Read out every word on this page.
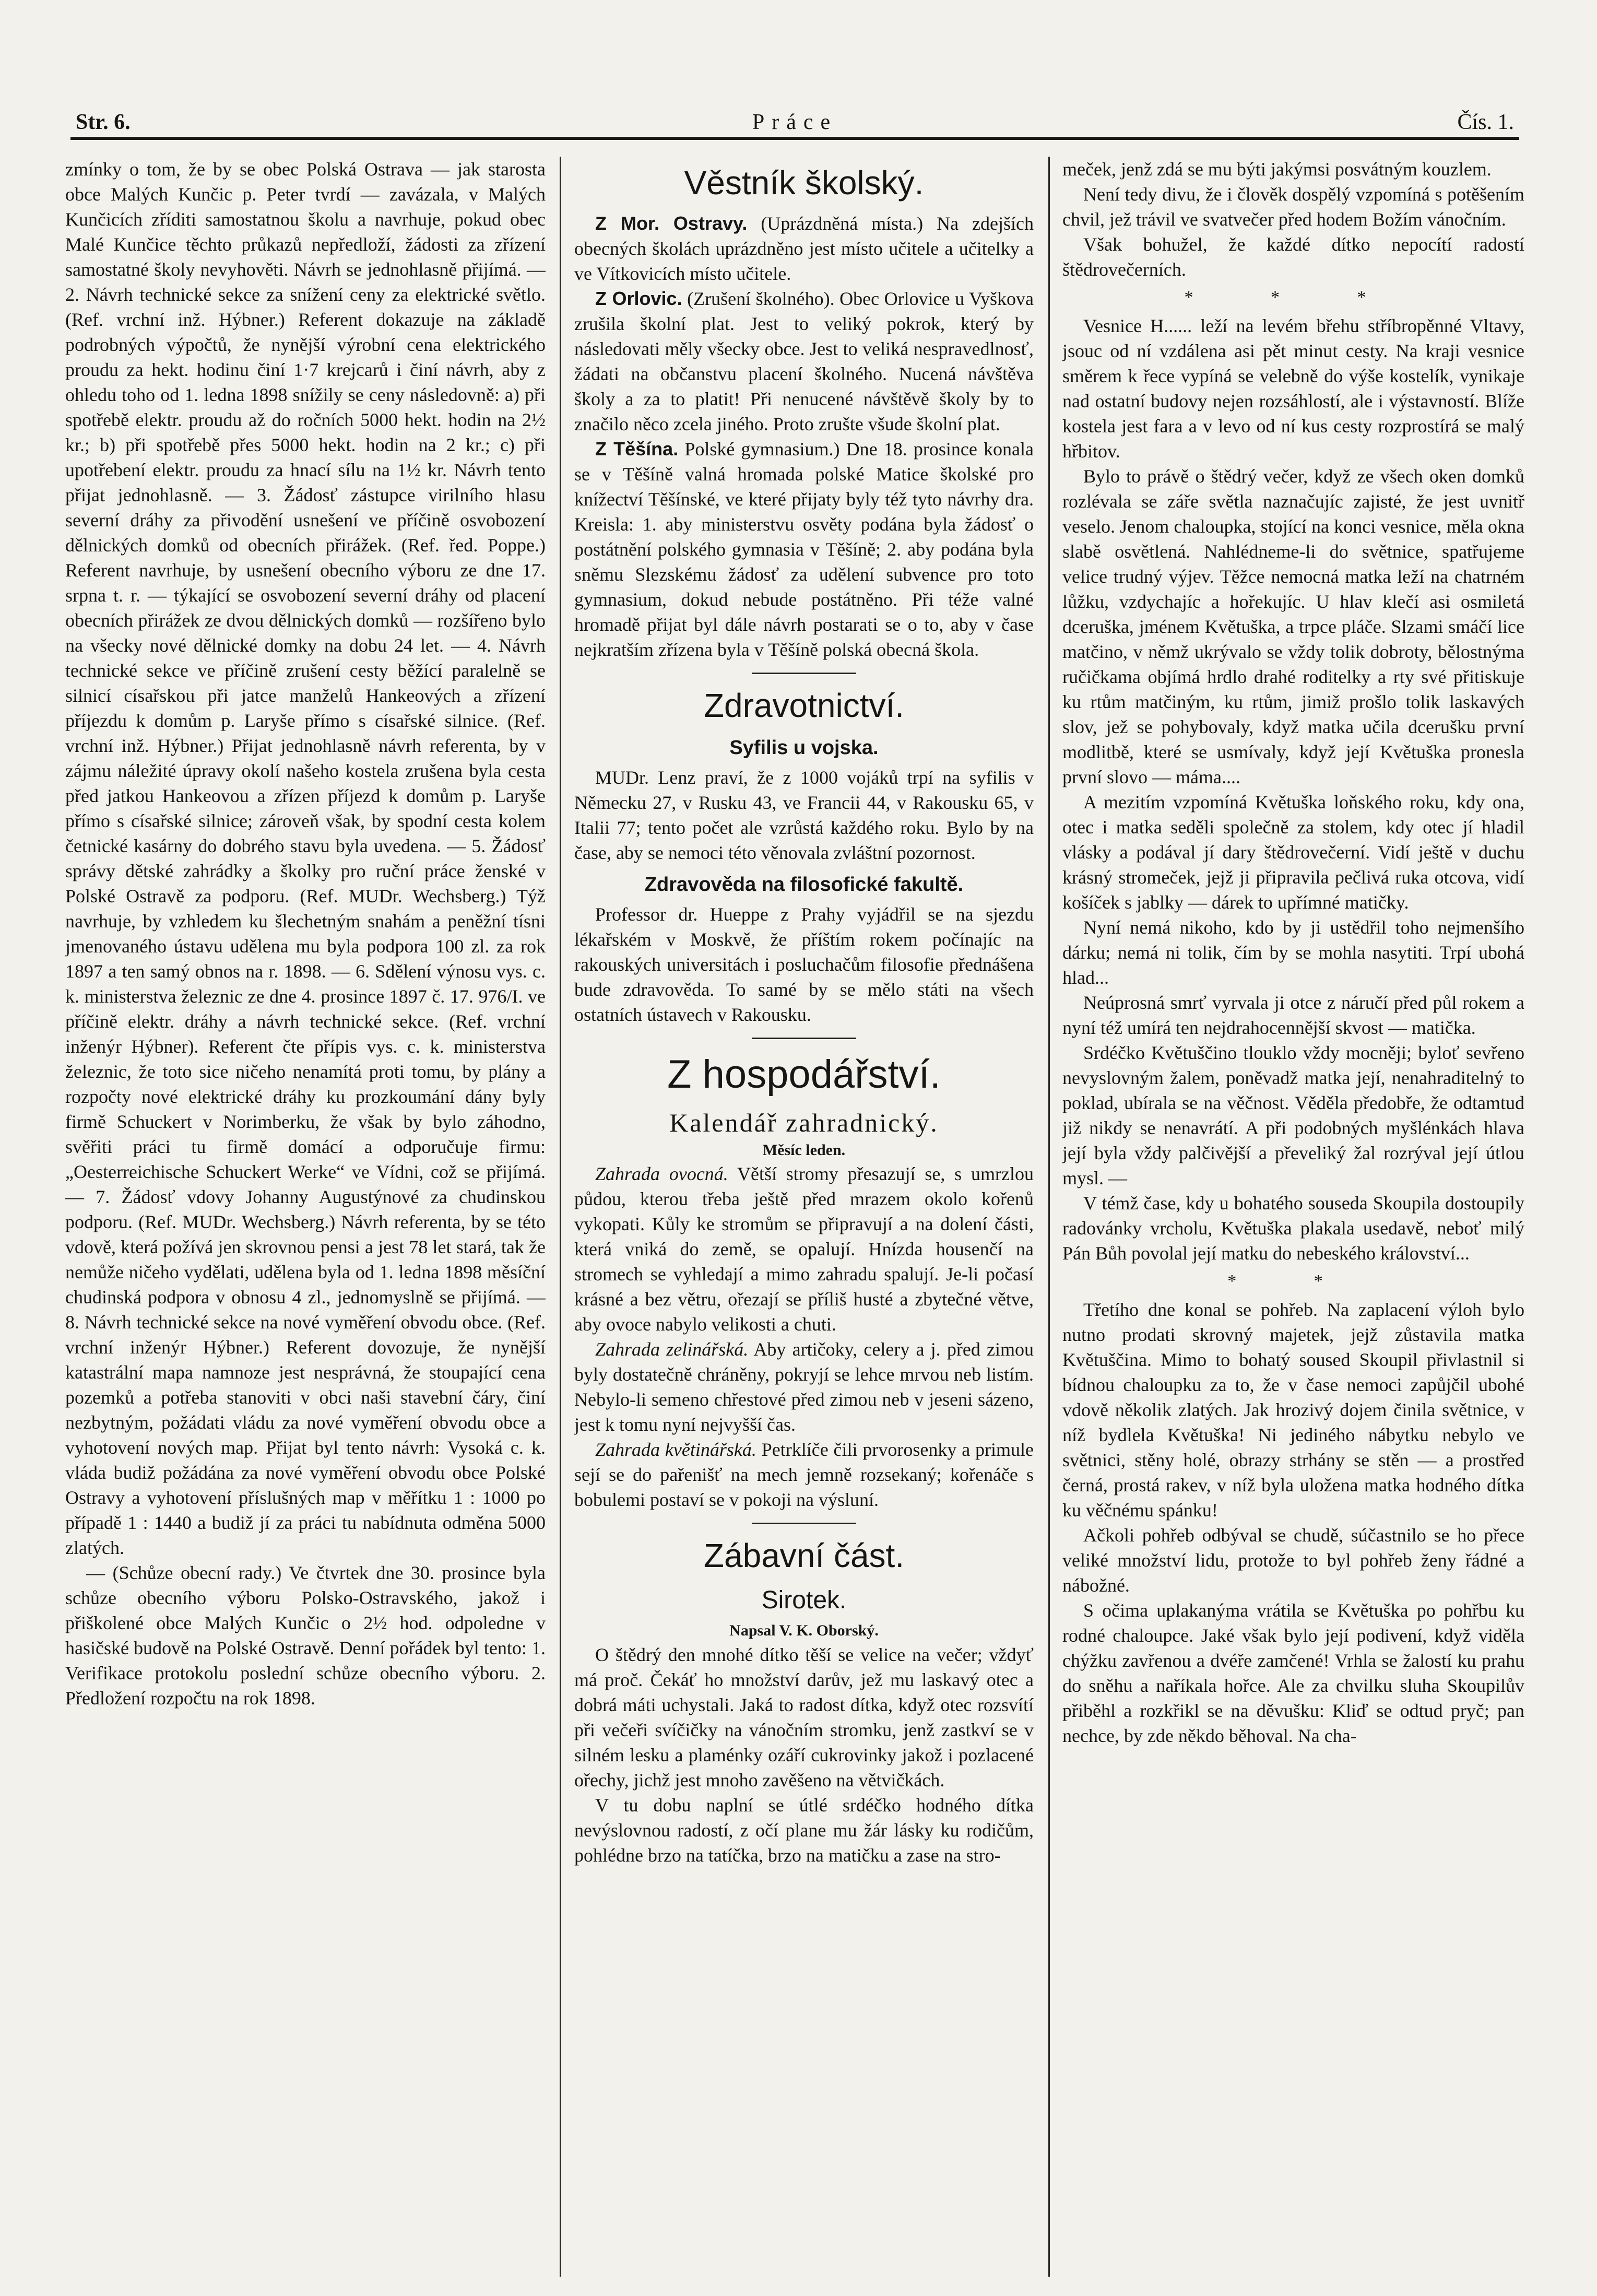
Str. 6.	Práce	Čís. 1.

zmínky o tom, že by se obec Polská Ostrava — jak starosta obce Malých Kunčic p. Peter tvrdí — zavázala, v Malých Kunčicích zříditi samostatnou školu a navrhuje, pokud obec Malé Kunčice těchto průkazů nepředloží, žádosti za zřízení samostatné školy nevyhověti. Návrh se jednohlasně přijímá. — 2. Návrh technické sekce za snížení ceny za elektrické světlo. (Ref. vrchní inž. Hýbner.) Referent dokazuje na základě podrobných výpočtů, že nynější výrobní cena elektrického proudu za hekt. hodinu činí 1·7 krejcarů i činí návrh, aby z ohledu toho od 1. ledna 1898 snížily se ceny následovně: a) při spotřebě elektr. proudu až do ročních 5000 hekt. hodin na 2½ kr.; b) při spotřebě přes 5000 hekt. hodin na 2 kr.; c) při upotřebení elektr. proudu za hnací sílu na 1½ kr. Návrh tento přijat jednohlasně. — 3. Žádosť zástupce virilního hlasu severní dráhy za přivodění usnešení ve příčině osvobození dělnických domků od obecních přirážek. (Ref. řed. Poppe.) Referent navrhuje, by usnešení obecního výboru ze dne 17. srpna t. r. — týkající se osvobození severní dráhy od placení obecních přirážek ze dvou dělnických domků — rozšířeno bylo na všecky nové dělnické domky na dobu 24 let. — 4. Návrh technické sekce ve příčině zrušení cesty běžící paralelně se silnicí císařskou při jatce manželů Hankeových a zřízení příjezdu k domům p. Laryše přímo s císařské silnice. (Ref. vrchní inž. Hýbner.) Přijat jednohlasně návrh referenta, by v zájmu náležité úpravy okolí našeho kostela zrušena byla cesta před jatkou Hankeovou a zřízen příjezd k domům p. Laryše přímo s císařské silnice; zároveň však, by spodní cesta kolem četnické kasárny do dobrého stavu byla uvedena. — 5. Žádosť správy dětské zahrádky a školky pro ruční práce ženské v Polské Ostravě za podporu. (Ref. MUDr. Wechsberg.) Týž navrhuje, by vzhledem ku šlechetným snahám a peněžní tísni jmenovaného ústavu udělena mu byla podpora 100 zl. za rok 1897 a ten samý obnos na r. 1898. — 6. Sdělení výnosu vys. c. k. ministerstva železnic ze dne 4. prosince 1897 č. 17. 976/I. ve příčině elektr. dráhy a návrh technické sekce. (Ref. vrchní inženýr Hýbner). Referent čte přípis vys. c. k. ministerstva železnic, že toto sice ničeho nenamítá proti tomu, by plány a rozpočty nové elektrické dráhy ku prozkoumání dány byly firmě Schuckert v Norimberku, že však by bylo záhodno, svěřiti práci tu firmě domácí a odporučuje firmu: „Oesterreichische Schuckert Werke“ ve Vídni, což se přijímá. — 7. Žádosť vdovy Johanny Augustýnové za chudinskou podporu. (Ref. MUDr. Wechsberg.) Návrh referenta, by se této vdově, která požívá jen skrovnou pensi a jest 78 let stará, tak že nemůže ničeho vydělati, udělena byla od 1. ledna 1898 měsíční chudinská podpora v obnosu 4 zl., jednomyslně se přijímá. — 8. Návrh technické sekce na nové vyměření obvodu obce. (Ref. vrchní inženýr Hýbner.) Referent dovozuje, že nynější katastrální mapa namnoze jest nesprávná, že stoupající cena pozemků a potřeba stanoviti v obci naši stavební čáry, činí nezbytným, požádati vládu za nové vyměření obvodu obce a vyhotovení nových map. Přijat byl tento návrh: Vysoká c. k. vláda budiž požádána za nové vyměření obvodu obce Polské Ostravy a vyhotovení příslušných map v měřítku 1 : 1000 po případě 1 : 1440 a budiž jí za práci tu nabídnuta odměna 5000 zlatých.

— (Schůze obecní rady.) Ve čtvrtek dne 30. prosince byla schůze obecního výboru Polsko-Ostravského, jakož i přiškolené obce Malých Kunčic o 2½ hod. odpoledne v hasičské budově na Polské Ostravě. Denní pořádek byl tento: 1. Verifikace protokolu poslední schůze obecního výboru. 2. Předložení rozpočtu na rok 1898.

Věstník školský.

Z Mor. Ostravy. (Uprázdněná místa.) Na zdejších obecných školách uprázdněno jest místo učitele a učitelky a ve Vítkovicích místo učitele.

Z Orlovic. (Zrušení školného). Obec Orlovice u Vyškova zrušila školní plat. Jest to veliký pokrok, který by následovati měly všecky obce. Jest to veliká nespravedlnosť, žádati na občanstvu placení školného. Nucená návštěva školy a za to platit! Při nenucené návštěvě školy by to značilo něco zcela jiného. Proto zrušte všude školní plat.

Z Těšína. Polské gymnasium.) Dne 18. prosince konala se v Těšíně valná hromada polské Matice školské pro knížectví Těšínské, ve které přijaty byly též tyto návrhy dra. Kreisla: 1. aby ministerstvu osvěty podána byla žádosť o postátnění polského gymnasia v Těšíně; 2. aby podána byla sněmu Slezskému žádosť za udělení subvence pro toto gymnasium, dokud nebude postátněno. Při téže valné hromadě přijat byl dále návrh postarati se o to, aby v čase nejkratším zřízena byla v Těšíně polská obecná škola.

Zdravotnictví.
Syfilis u vojska.

MUDr. Lenz praví, že z 1000 vojáků trpí na syfilis v Německu 27, v Rusku 43, ve Francii 44, v Rakousku 65, v Italii 77; tento počet ale vzrůstá každého roku. Bylo by na čase, aby se nemoci této věnovala zvláštní pozornost.

Zdravověda na filosofické fakultě.

Professor dr. Hueppe z Prahy vyjádřil se na sjezdu lékařském v Moskvě, že příštím rokem počínajíc na rakouských universitách i posluchačům filosofie přednášena bude zdravověda. To samé by se mělo státi na všech ostatních ústavech v Rakousku.

Z hospodářství.
Kalendář zahradnický.
Měsíc leden.

Zahrada ovocná. Větší stromy přesazují se, s umrzlou půdou, kterou třeba ještě před mrazem okolo kořenů vykopati. Kůly ke stromům se připravují a na dolení části, která vniká do země, se opalují. Hnízda housenčí na stromech se vyhledají a mimo zahradu spalují. Je-li počasí krásné a bez větru, ořezají se příliš husté a zbytečné větve, aby ovoce nabylo velikosti a chuti.

Zahrada zelinářská. Aby artičoky, celery a j. před zimou byly dostatečně chráněny, pokryjí se lehce mrvou neb listím. Nebylo-li semeno chřestové před zimou neb v jeseni sázeno, jest k tomu nyní nejvyšší čas.

Zahrada květinářská. Petrklíče čili prvorosenky a primule sejí se do pařenišť na mech jemně rozsekaný; kořenáče s bobulemi postaví se v pokoji na výsluní.

Zábavní část.
Sirotek.
Napsal V. K. Oborský.

O štědrý den mnohé dítko těší se velice na večer; vždyť má proč. Čekáť ho množství darův, jež mu laskavý otec a dobrá máti uchystali. Jaká to radost dítka, když otec rozsvítí při večeři svíčičky na vánočním stromku, jenž zastkví se v silném lesku a plaménky ozáří cukrovinky jakož i pozlacené ořechy, jichž jest mnoho zavěšeno na větvičkách.

V tu dobu naplní se útlé srdéčko hodného dítka nevýslovnou radostí, z očí plane mu žár lásky ku rodičům, pohlédne brzo na tatíčka, brzo na matičku a zase na stro-

meček, jenž zdá se mu býti jakýmsi posvátným kouzlem.

Není tedy divu, že i člověk dospělý vzpomíná s potěšením chvil, jež trávil ve svatvečer před hodem Božím vánočním.

Však bohužel, že každé dítko nepocítí radostí štědrovečerních.

* * *

Vesnice H...... leží na levém břehu stříbropěnné Vltavy, jsouc od ní vzdálena asi pět minut cesty. Na kraji vesnice směrem k řece vypíná se velebně do výše kostelík, vynikaje nad ostatní budovy nejen rozsáhlostí, ale i výstavností. Blíže kostela jest fara a v levo od ní kus cesty rozprostírá se malý hřbitov.

Bylo to právě o štědrý večer, když ze všech oken domků rozlévala se záře světla naznačujíc zajisté, že jest uvnitř veselo. Jenom chaloupka, stojící na konci vesnice, měla okna slabě osvětlená. Nahlédneme-li do světnice, spatřujeme velice trudný výjev. Těžce nemocná matka leží na chatrném lůžku, vzdychajíc a hořekujíc. U hlav klečí asi osmiletá dceruška, jménem Květuška, a trpce pláče. Slzami smáčí lice matčino, v němž ukrývalo se vždy tolik dobroty, bělostnýma ručičkama objímá hrdlo drahé roditelky a rty své přitiskuje ku rtům matčiným, ku rtům, jimiž prošlo tolik laskavých slov, jež se pohybovaly, když matka učila dcerušku první modlitbě, které se usmívaly, když její Květuška pronesla první slovo — máma....

A mezitím vzpomíná Květuška loňského roku, kdy ona, otec i matka seděli společně za stolem, kdy otec jí hladil vlásky a podával jí dary štědrovečerní. Vidí ještě v duchu krásný stromeček, jejž ji připravila pečlivá ruka otcova, vidí košíček s jablky — dárek to upřímné matičky.

Nyní nemá nikoho, kdo by ji ustědřil toho nejmenšího dárku; nemá ni tolik, čím by se mohla nasytiti. Trpí ubohá hlad...

Neúprosná smrť vyrvala ji otce z náručí před půl rokem a nyní též umírá ten nejdrahocennější skvost — matička.

Srdéčko Květuščino tlouklo vždy mocněji; byloť sevřeno nevyslovným žalem, poněvadž matka její, nenahraditelný to poklad, ubírala se na věčnost. Věděla předobře, že odtamtud již nikdy se nenavrátí. A při podobných myšlénkách hlava její byla vždy palčivější a převeliký žal rozrýval její útlou mysl. —

V témž čase, kdy u bohatého souseda Skoupila dostoupily radovánky vrcholu, Květuška plakala usedavě, neboť milý Pán Bůh povolal její matku do nebeského království...

* *

Třetího dne konal se pohřeb. Na zaplacení výloh bylo nutno prodati skrovný majetek, jejž zůstavila matka Květuščina. Mimo to bohatý soused Skoupil přivlastnil si bídnou chaloupku za to, že v čase nemoci zapůjčil ubohé vdově několik zlatých. Jak hrozivý dojem činila světnice, v níž bydlela Květuška! Ni jediného nábytku nebylo ve světnici, stěny holé, obrazy strhány se stěn — a prostřed černá, prostá rakev, v níž byla uložena matka hodného dítka ku věčnému spánku!

Ačkoli pohřeb odbýval se chudě, súčastnilo se ho přece veliké množství lidu, protože to byl pohřeb ženy řádné a nábožné.

S očima uplakanýma vrátila se Květuška po pohřbu ku rodné chaloupce. Jaké však bylo její podivení, když viděla chýžku zavřenou a dvéře zamčené! Vrhla se žalostí ku prahu do sněhu a naříkala hořce. Ale za chvilku sluha Skoupilův přiběhl a rozkřikl se na děvušku: Kliď se odtud pryč; pan nechce, by zde někdo běhoval. Na cha-
